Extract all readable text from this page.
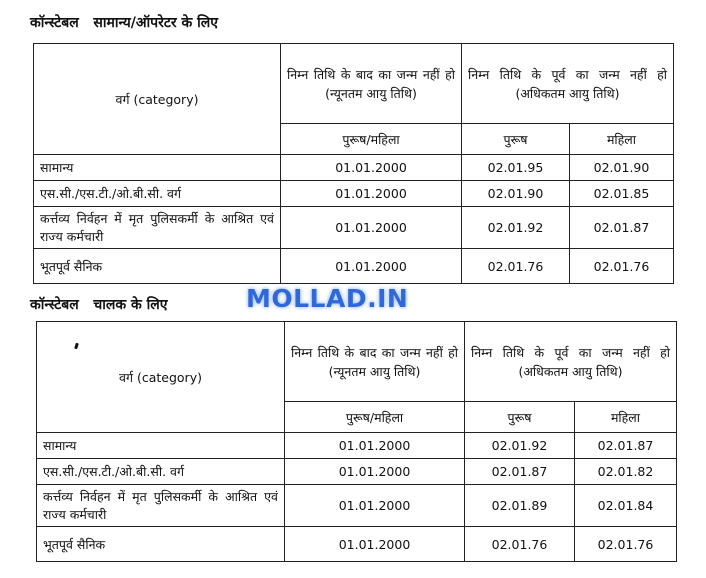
कॉन्स्टेबल   सामान्य/ऑपरेटर के लिए
वर्ग (category)	निम्न तिथि के बाद का जन्म नहीं हो (न्यूनतम आयु तिथि)	निम्न तिथि के पूर्व का जन्म नहीं हो (अधिकतम आयु तिथि)	
	पुरूष/महिला	पुरूष	महिला
सामान्य	01.01.2000	02.01.95	02.01.90
एस.सी./एस.टी./ओ.बी.सी. वर्ग	01.01.2000	02.01.90	02.01.85
कर्त्तव्य निर्वहन में मृत पुलिसकर्मी के आश्रित एवं राज्य कर्मचारी	01.01.2000	02.01.92	02.01.87
भूतपूर्व सैनिक	01.01.2000	02.01.76	02.01.76
कॉन्स्टेबल   चालक के लिए	MOLLAD.IN
वर्ग (category)	निम्न तिथि के बाद का जन्म नहीं हो (न्यूनतम आयु तिथि)	निम्न तिथि के पूर्व का जन्म नहीं हो (अधिकतम आयु तिथि)	
	पुरूष/महिला	पुरूष	महिला
सामान्य	01.01.2000	02.01.92	02.01.87
एस.सी./एस.टी./ओ.बी.सी. वर्ग	01.01.2000	02.01.87	02.01.82
कर्त्तव्य निर्वहन में मृत पुलिसकर्मी के आश्रित एवं राज्य कर्मचारी	01.01.2000	02.01.89	02.01.84
भूतपूर्व सैनिक	01.01.2000	02.01.76	02.01.76
